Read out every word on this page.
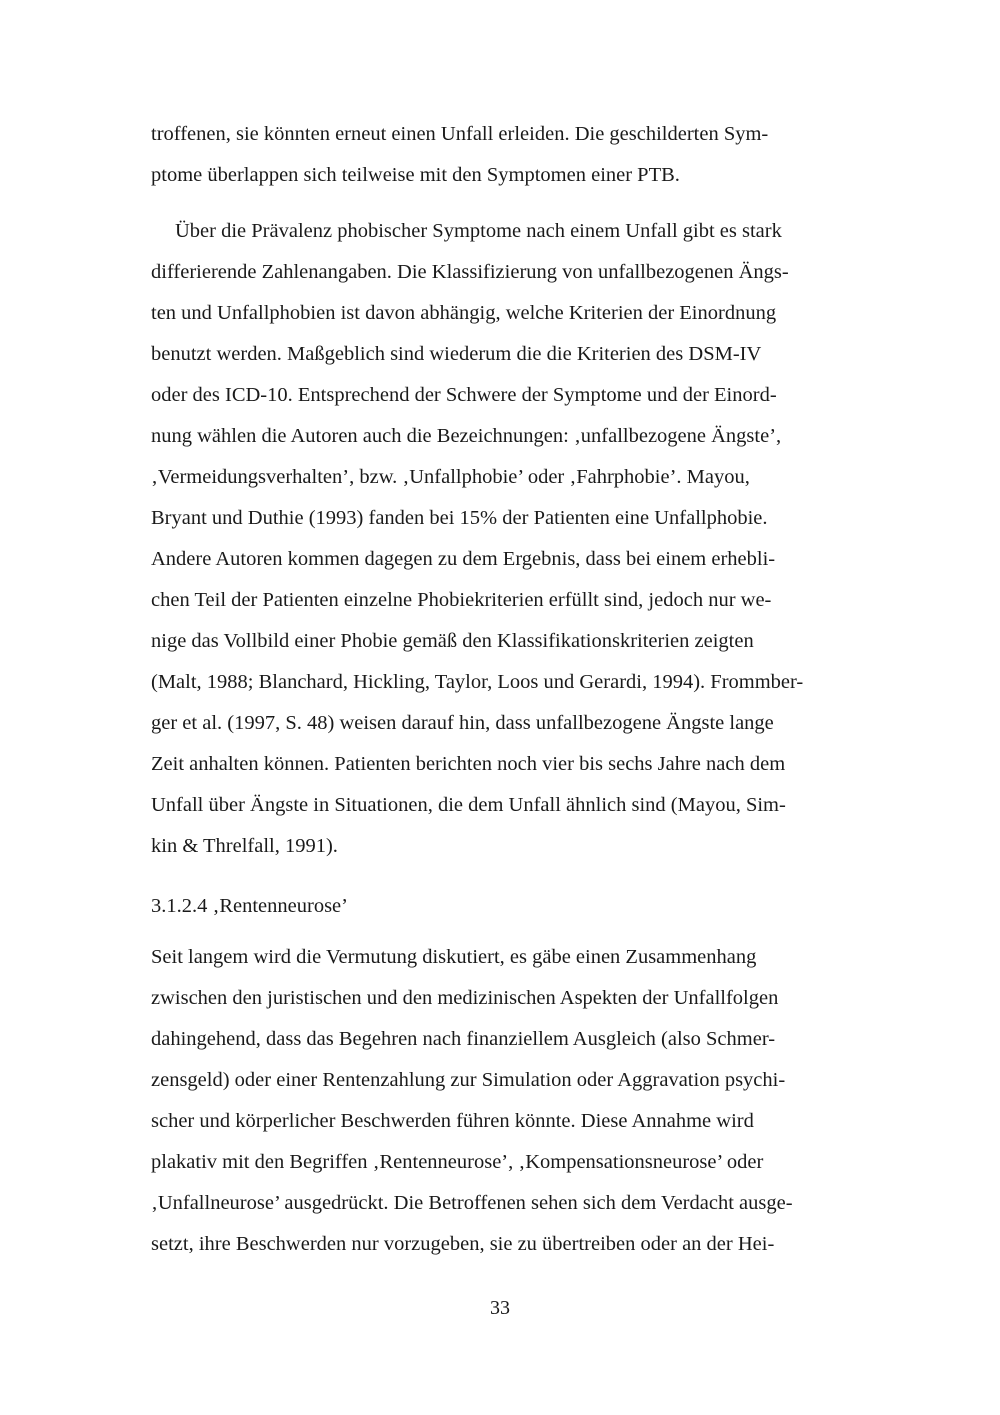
troffenen, sie könnten erneut einen Unfall erleiden. Die geschilderten Sym-
ptome überlappen sich teilweise mit den Symptomen einer PTB.
Über die Prävalenz phobischer Symptome nach einem Unfall gibt es stark
differierende Zahlenangaben. Die Klassifizierung von unfallbezogenen Ängs-
ten und Unfallphobien ist davon abhängig, welche Kriterien der Einordnung
benutzt werden. Maßgeblich sind wiederum die die Kriterien des DSM-IV
oder des ICD-10. Entsprechend der Schwere der Symptome und der Einord-
nung wählen die Autoren auch die Bezeichnungen: ‚unfallbezogene Ängste’,
‚Vermeidungsverhalten’, bzw. ‚Unfallphobie’ oder ‚Fahrphobie’. Mayou,
Bryant und Duthie (1993) fanden bei 15% der Patienten eine Unfallphobie.
Andere Autoren kommen dagegen zu dem Ergebnis, dass bei einem erhebli-
chen Teil der Patienten einzelne Phobiekriterien erfüllt sind, jedoch nur we-
nige das Vollbild einer Phobie gemäß den Klassifikationskriterien zeigten
(Malt, 1988; Blanchard, Hickling, Taylor, Loos und Gerardi, 1994). Frommber-
ger et al. (1997, S. 48) weisen darauf hin, dass unfallbezogene Ängste lange
Zeit anhalten können. Patienten berichten noch vier bis sechs Jahre nach dem
Unfall über Ängste in Situationen, die dem Unfall ähnlich sind (Mayou, Sim-
kin & Threlfall, 1991).
3.1.2.4 ‚Rentenneurose’
Seit langem wird die Vermutung diskutiert, es gäbe einen Zusammenhang
zwischen den juristischen und den medizinischen Aspekten der Unfallfolgen
dahingehend, dass das Begehren nach finanziellem Ausgleich (also Schmer-
zensgeld) oder einer Rentenzahlung zur Simulation oder Aggravation psychi-
scher und körperlicher Beschwerden führen könnte. Diese Annahme wird
plakativ mit den Begriffen ‚Rentenneurose’, ‚Kompensationsneurose’ oder
‚Unfallneurose’ ausgedrückt. Die Betroffenen sehen sich dem Verdacht ausge-
setzt, ihre Beschwerden nur vorzugeben, sie zu übertreiben oder an der Hei-
33
